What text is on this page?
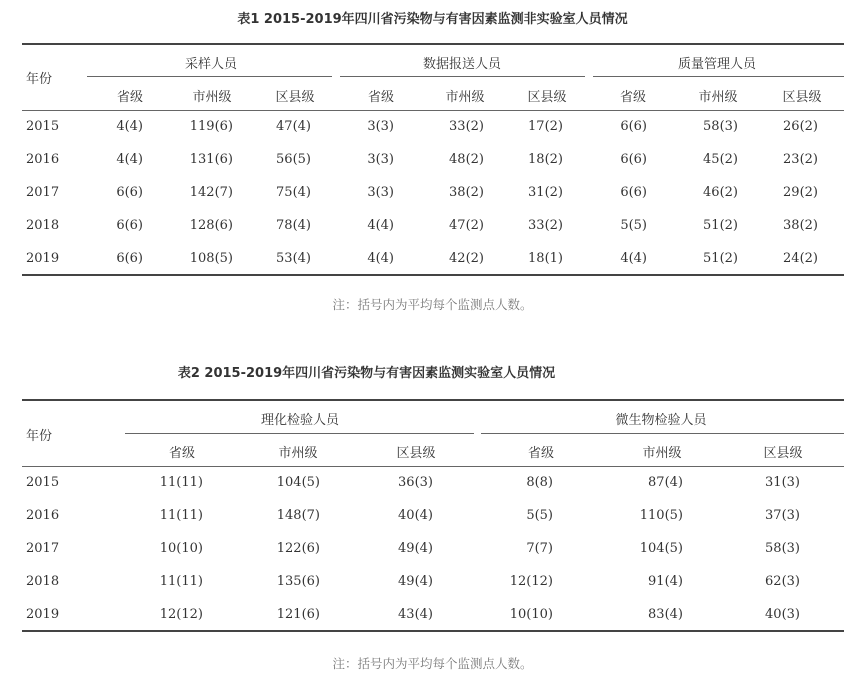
表1 2015-2019年四川省污染物与有害因素监测非实验室人员情况
注：括号内为平均每个监测点人数。
年份
采样人员	数据报送人员	质量管理人员
省级	市州级	区县级	省级	市州级	区县级	省级	市州级	区县级
2015	4(4)	119(6)	47(4)	3(3)	33(2)	17(2)	6(6)	58(3)	26(2)
2016	4(4)	131(6)	56(5)	3(3)	48(2)	18(2)	6(6)	45(2)	23(2)
2017	6(6)	142(7)	75(4)	3(3)	38(2)	31(2)	6(6)	46(2)	29(2)
2018	6(6)	128(6)	78(4)	4(4)	47(2)	33(2)	5(5)	51(2)	38(2)
2019	6(6)	108(5)	53(4)	4(4)	42(2)	18(1)	4(4)	51(2)	24(2)
表2 2015-2019年四川省污染物与有害因素监测实验室人员情况
注：括号内为平均每个监测点人数。
年份
理化检验人员	微生物检验人员
省级	市州级	区县级	省级	市州级	区县级
2015	11(11)	104(5)	36(3)	8(8)	87(4)	31(3)
2016	11(11)	148(7)	40(4)	5(5)	110(5)	37(3)
2017	10(10)	122(6)	49(4)	7(7)	104(5)	58(3)
2018	11(11)	135(6)	49(4)	12(12)	91(4)	62(3)
2019	12(12)	121(6)	43(4)	10(10)	83(4)	40(3)
